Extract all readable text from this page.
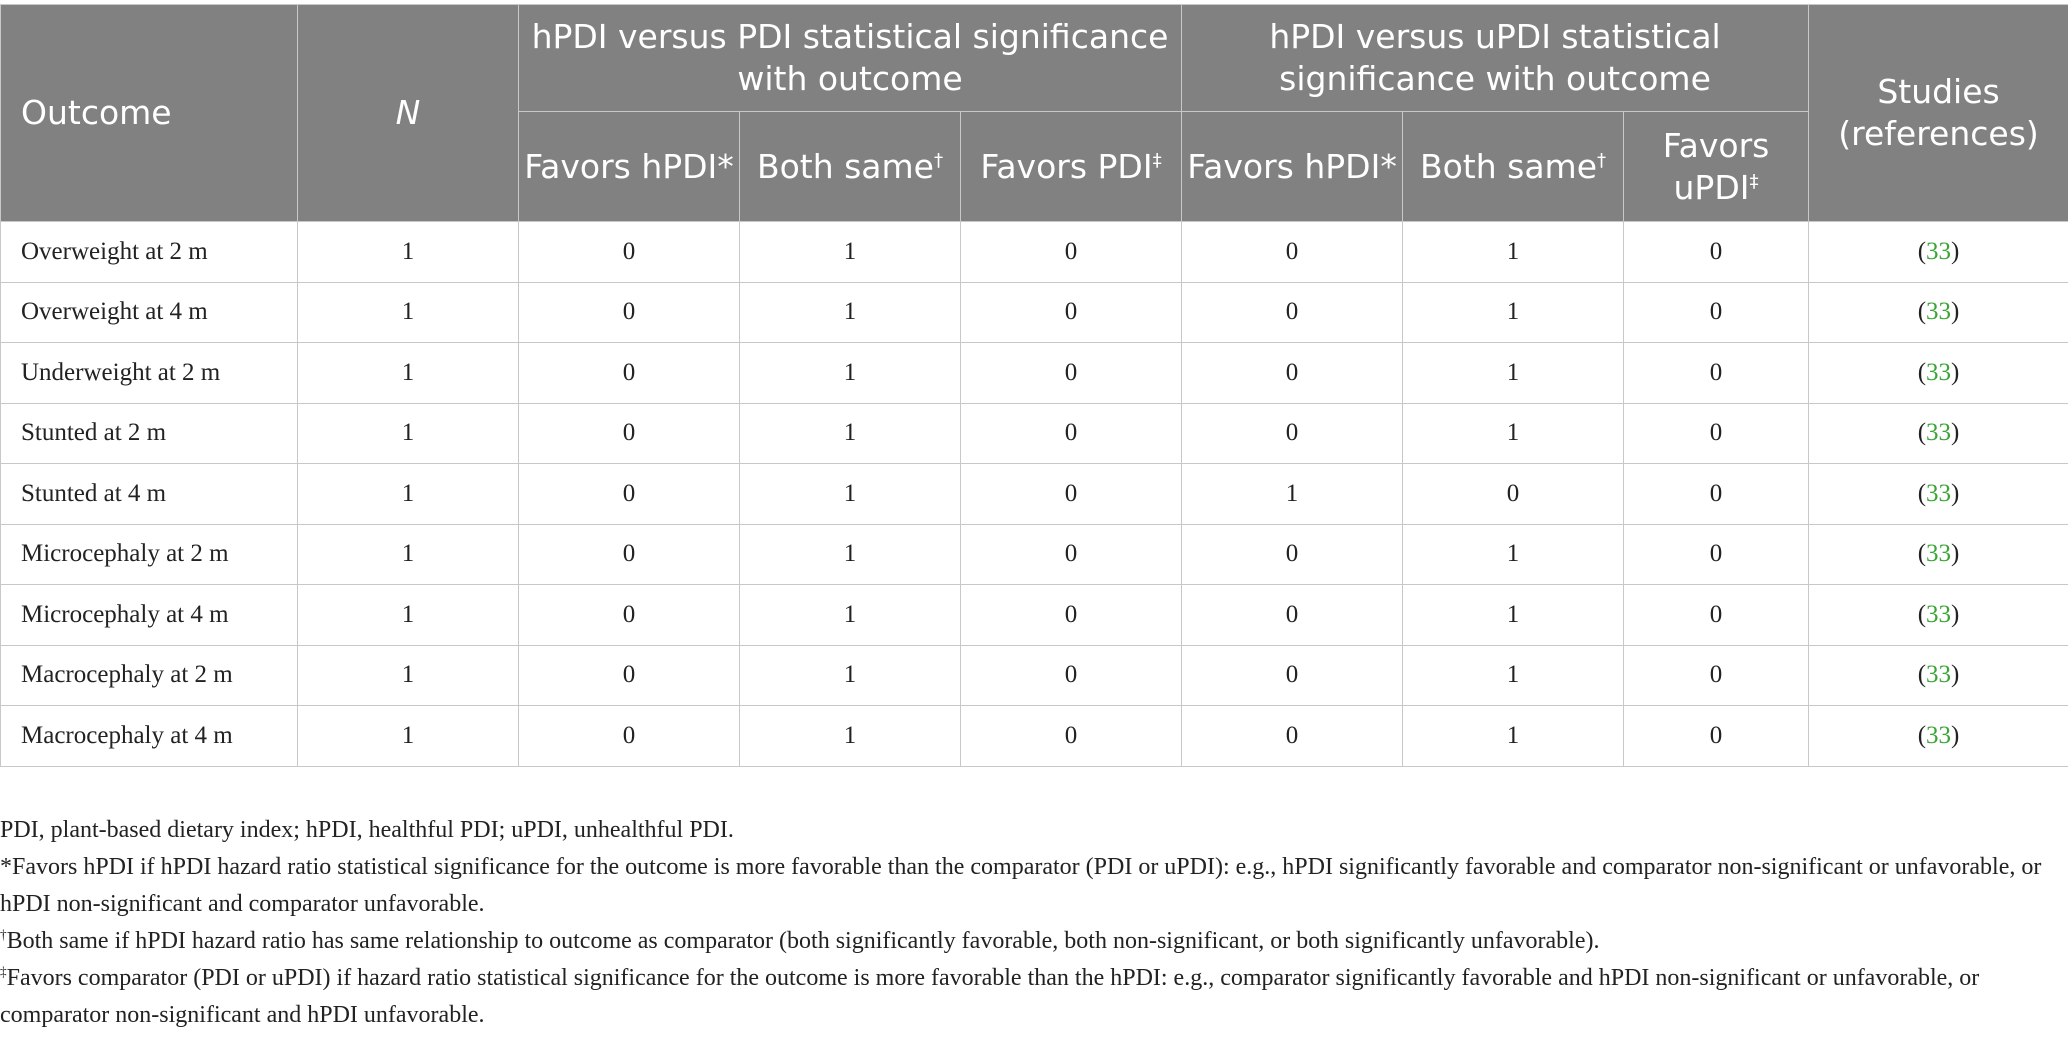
Outcome	N	hPDI versus PDI statistical significance with outcome			hPDI versus uPDI statistical significance with outcome			Studies (references)
		Favors hPDI*	Both same†	Favors PDI‡	Favors hPDI*	Both same†	Favors uPDI‡
Overweight at 2 m	1	0	1	0	0	1	0	(33)
Overweight at 4 m	1	0	1	0	0	1	0	(33)
Underweight at 2 m	1	0	1	0	0	1	0	(33)
Stunted at 2 m	1	0	1	0	0	1	0	(33)
Stunted at 4 m	1	0	1	0	1	0	0	(33)
Microcephaly at 2 m	1	0	1	0	0	1	0	(33)
Microcephaly at 4 m	1	0	1	0	0	1	0	(33)
Macrocephaly at 2 m	1	0	1	0	0	1	0	(33)
Macrocephaly at 4 m	1	0	1	0	0	1	0	(33)

PDI, plant-based dietary index; hPDI, healthful PDI; uPDI, unhealthful PDI.

*Favors hPDI if hPDI hazard ratio statistical significance for the outcome is more favorable than the comparator (PDI or uPDI): e.g., hPDI significantly favorable and comparator non-significant or unfavorable, or hPDI non-significant and comparator unfavorable.

†Both same if hPDI hazard ratio has same relationship to outcome as comparator (both significantly favorable, both non-significant, or both significantly unfavorable).

‡Favors comparator (PDI or uPDI) if hazard ratio statistical significance for the outcome is more favorable than the hPDI: e.g., comparator significantly favorable and hPDI non-significant or unfavorable, or comparator non-significant and hPDI unfavorable.
